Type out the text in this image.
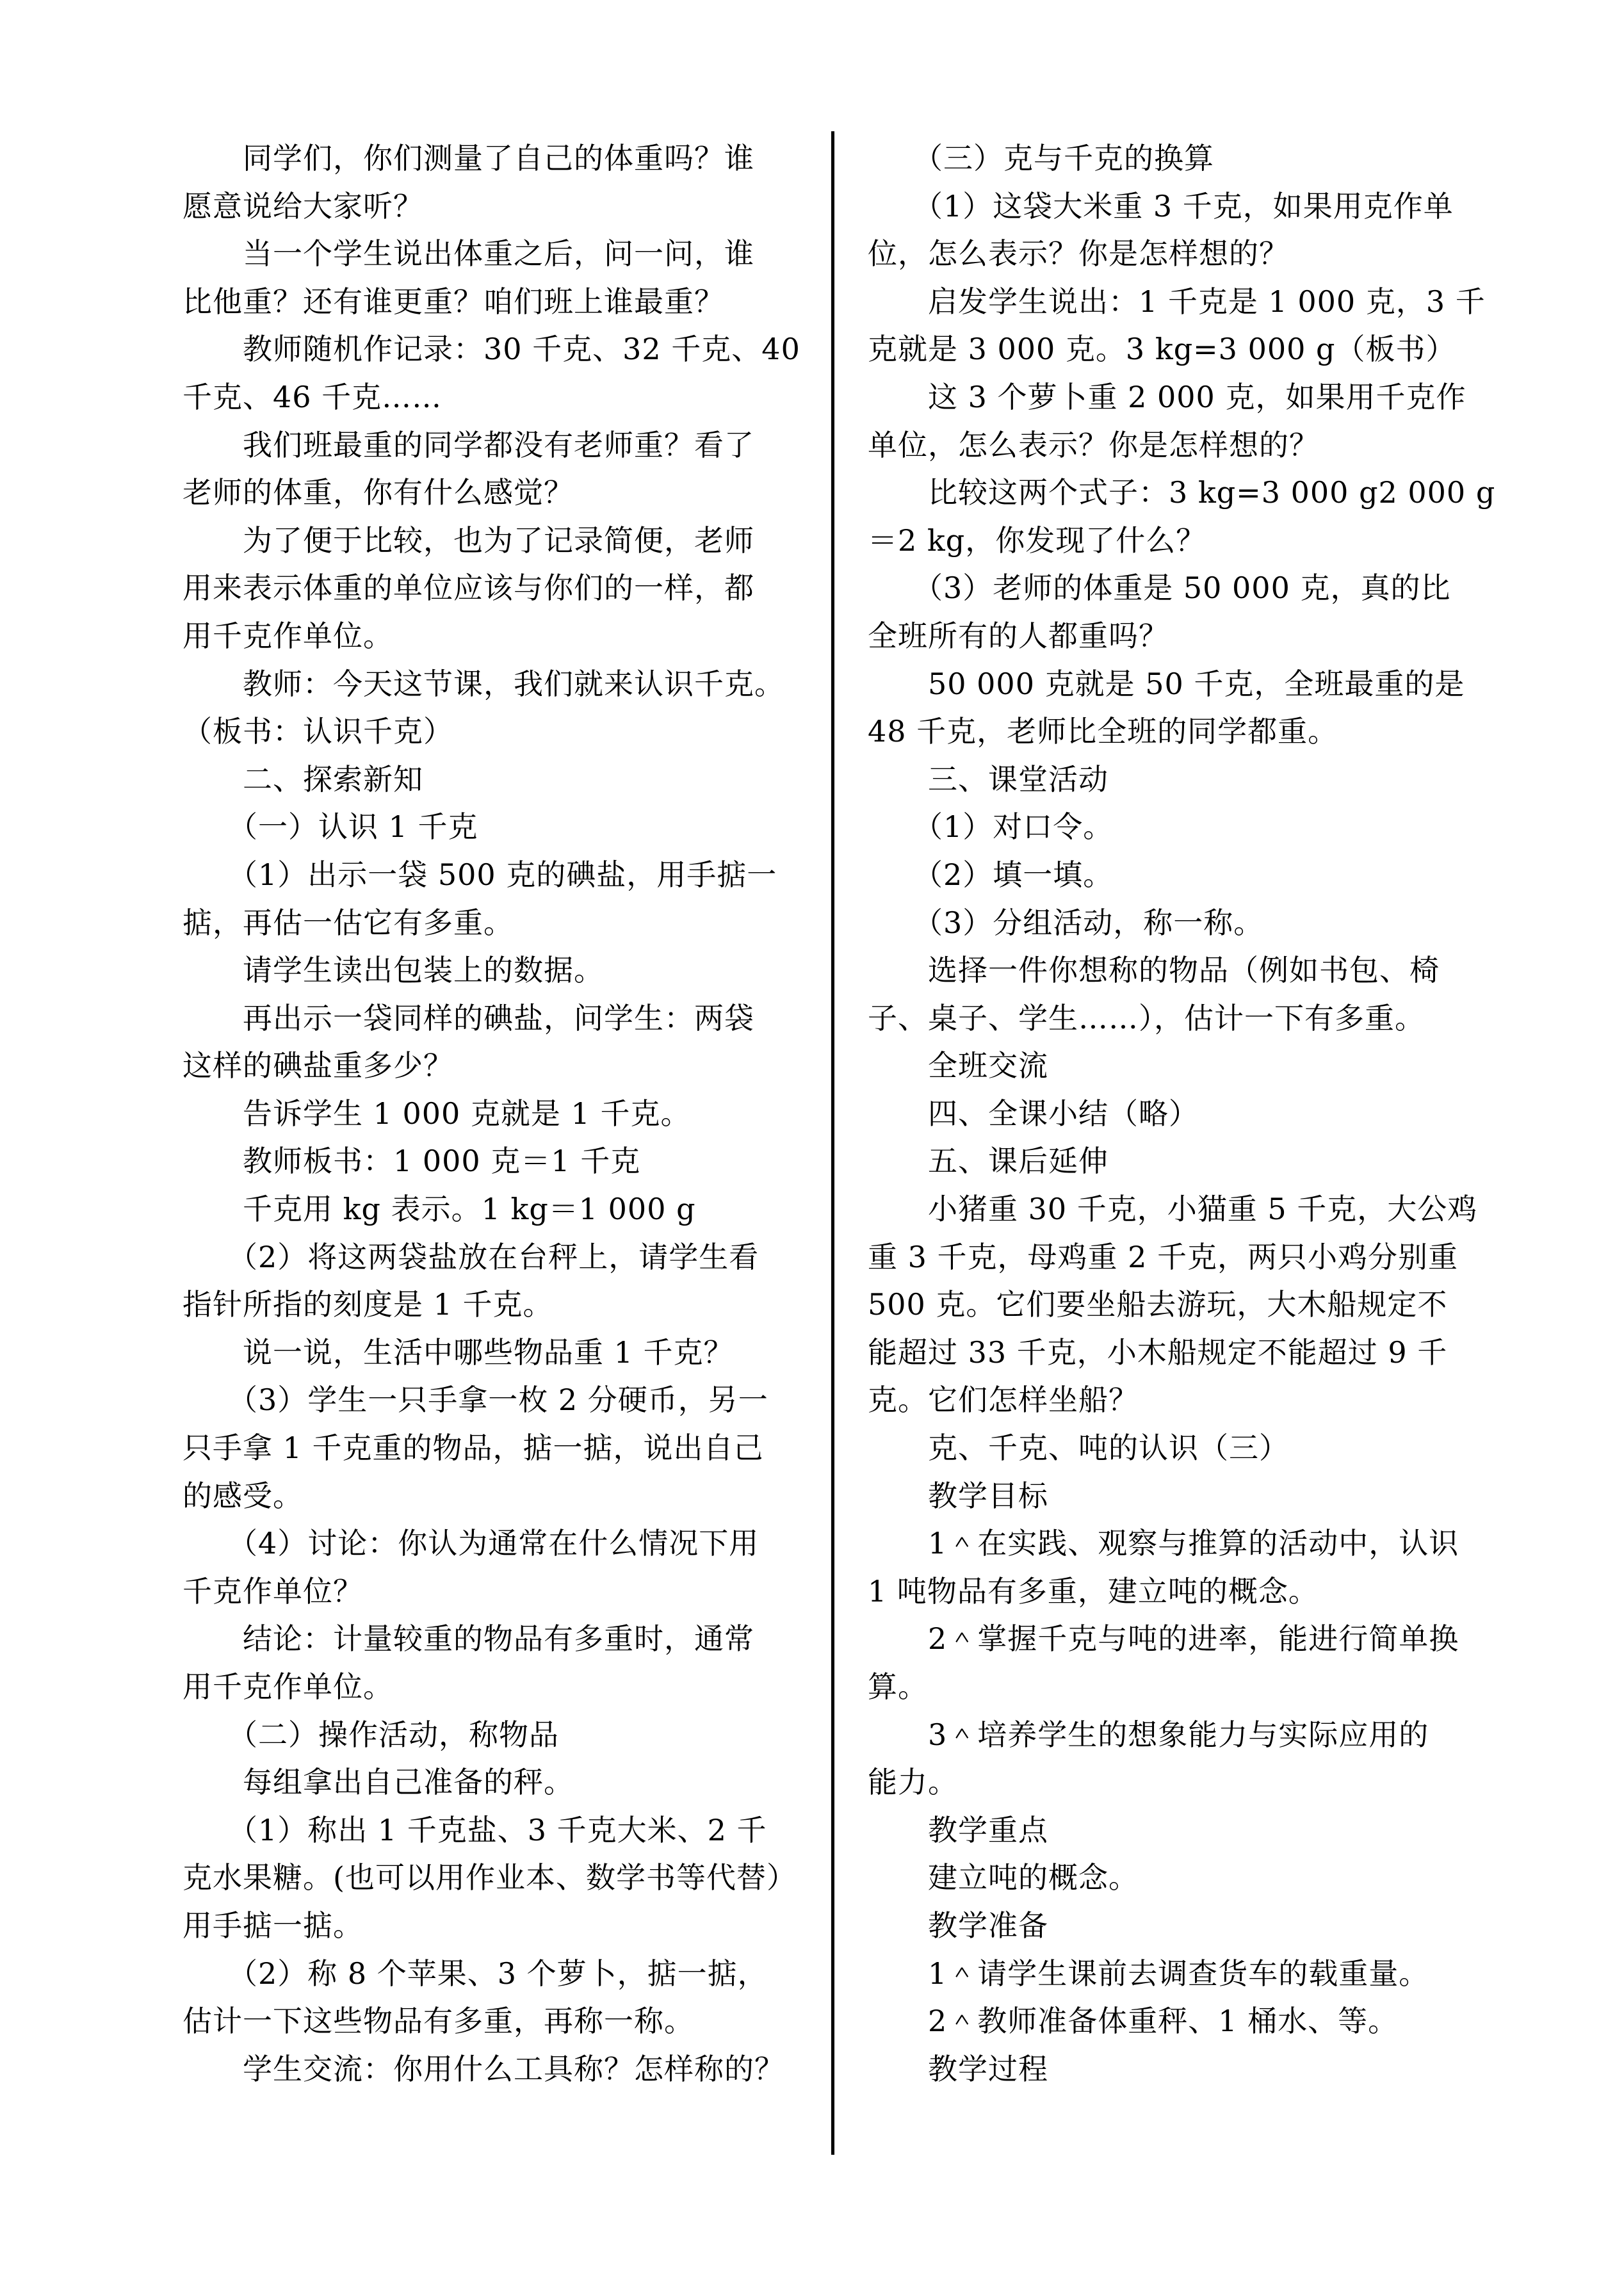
　　同学们，你们测量了自己的体重吗？谁
愿意说给大家听？
　　当一个学生说出体重之后，问一问，谁
比他重？还有谁更重？咱们班上谁最重？
　　教师随机作记录：30 千克、32 千克、40
千克、46 千克……
　　我们班最重的同学都没有老师重？看了
老师的体重，你有什么感觉？
　　为了便于比较，也为了记录简便，老师
用来表示体重的单位应该与你们的一样，都
用千克作单位。
　　教师：今天这节课，我们就来认识千克。
（板书：认识千克）
　　二、探索新知
　　（一）认识 1 千克
　　（1）出示一袋 500 克的碘盐，用手掂一
掂，再估一估它有多重。
　　请学生读出包装上的数据。
　　再出示一袋同样的碘盐，问学生：两袋
这样的碘盐重多少？
　　告诉学生 1 000 克就是 1 千克。
　　教师板书：1 000 克＝1 千克
　　千克用 kg 表示。1 kg＝1 000 g
　　（2）将这两袋盐放在台秤上，请学生看
指针所指的刻度是 1 千克。
　　说一说，生活中哪些物品重 1 千克？
　　（3）学生一只手拿一枚 2 分硬币，另一
只手拿 1 千克重的物品，掂一掂，说出自己
的感受。
　　（4）讨论：你认为通常在什么情况下用
千克作单位？
　　结论：计量较重的物品有多重时，通常
用千克作单位。
　　（二）操作活动，称物品
　　每组拿出自己准备的秤。
　　（1）称出 1 千克盐、3 千克大米、2 千
克水果糖。(也可以用作业本、数学书等代替）
用手掂一掂。
　　（2）称 8 个苹果、3 个萝卜，掂一掂，
估计一下这些物品有多重，再称一称。
　　学生交流：你用什么工具称？怎样称的？
　　（三）克与千克的换算
　　（1）这袋大米重 3 千克，如果用克作单
位，怎么表示？你是怎样想的？
　　启发学生说出：1 千克是 1 000 克，3 千
克就是 3 000 克。3 kg=3 000 g（板书）
　　这 3 个萝卜重 2 000 克，如果用千克作
单位，怎么表示？你是怎样想的？
　　比较这两个式子：3 kg=3 000 g2 000 g
＝2 kg，你发现了什么？
　　（3）老师的体重是 50 000 克，真的比
全班所有的人都重吗？
　　50 000 克就是 50 千克，全班最重的是
48 千克，老师比全班的同学都重。
　　三、课堂活动
　　（1）对口令。
　　（2）填一填。
　　（3）分组活动，称一称。
　　选择一件你想称的物品（例如书包、椅
子、桌子、学生……），估计一下有多重。
　　全班交流
　　四、全课小结（略）
　　五、课后延伸
　　小猪重 30 千克，小猫重 5 千克，大公鸡
重 3 千克，母鸡重 2 千克，两只小鸡分别重
500 克。它们要坐船去游玩，大木船规定不
能超过 33 千克，小木船规定不能超过 9 千
克。它们怎样坐船？
　　克、千克、吨的认识（三）
　　教学目标
　　1＾在实践、观察与推算的活动中，认识
1 吨物品有多重，建立吨的概念。
　　2＾掌握千克与吨的进率，能进行简单换
算。
　　3＾培养学生的想象能力与实际应用的
能力。
　　教学重点
　　建立吨的概念。
　　教学准备
　　1＾请学生课前去调查货车的载重量。
　　2＾教师准备体重秤、1 桶水、等。
　　教学过程
